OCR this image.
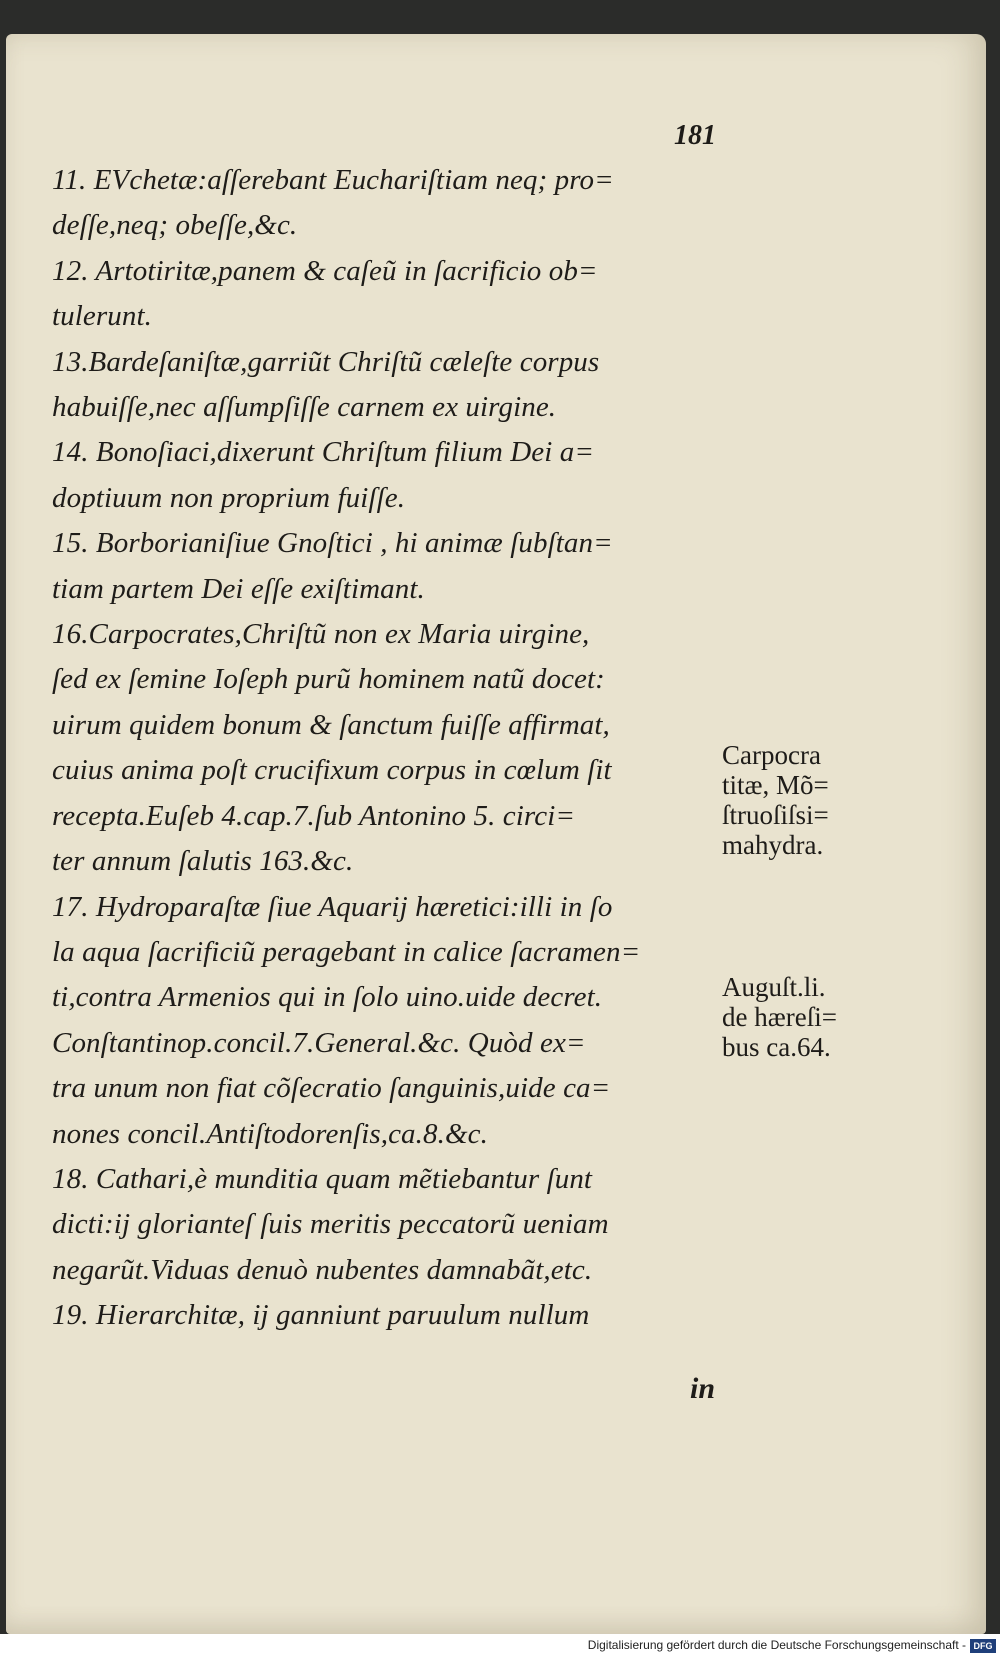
181
11. EVchetæ:aſſerebant Euchariſtiam neq; pro=
deſſe,neq; obeſſe,&c.
12. Artotiritæ,panem & caſeũ in ſacrificio ob=
tulerunt.
13.Bardeſaniſtæ,garriũt Chriſtũ cæleſte corpus
habuiſſe,nec aſſumpſiſſe carnem ex uirgine.
14. Bonoſiaci,dixerunt Chriſtum filium Dei a=
doptiuum non proprium fuiſſe.
15. Borborianiſiue Gnoſtici , hi animæ ſubſtan=
tiam partem Dei eſſe exiſtimant.
16.Carpocrates,Chriſtũ non ex Maria uirgine,
ſed ex ſemine Ioſeph purũ hominem natũ docet:
uirum quidem bonum & ſanctum fuiſſe affirmat,
cuius anima poſt crucifixum corpus in cœlum ſit
recepta.Euſeb 4.cap.7.ſub Antonino 5. circi=
ter annum ſalutis 163.&c.
17. Hydroparaſtæ ſiue Aquarij hæretici:illi in ſo
la aqua ſacrificiũ peragebant in calice ſacramen=
ti,contra Armenios qui in ſolo uino.uide decret.
Conſtantinop.concil.7.General.&c. Quòd ex=
tra unum non fiat cõſecratio ſanguinis,uide ca=
nones concil.Antiſtodorenſis,ca.8.&c.
18. Cathari,è munditia quam mẽtiebantur ſunt
dicti:ij glorianteſ ſuis meritis peccatorũ ueniam
negarũt.Viduas denuò nubentes damnabãt,etc.
19. Hierarchitæ, ij ganniunt paruulum nullum
in
Carpocra
titæ, Mõ=
ſtruoſiſsi=
mahydra.
Auguſt.li.
de hæreſi=
bus ca.64.
Digitalisierung gefördert durch die Deutsche Forschungsgemeinschaft - DFG
